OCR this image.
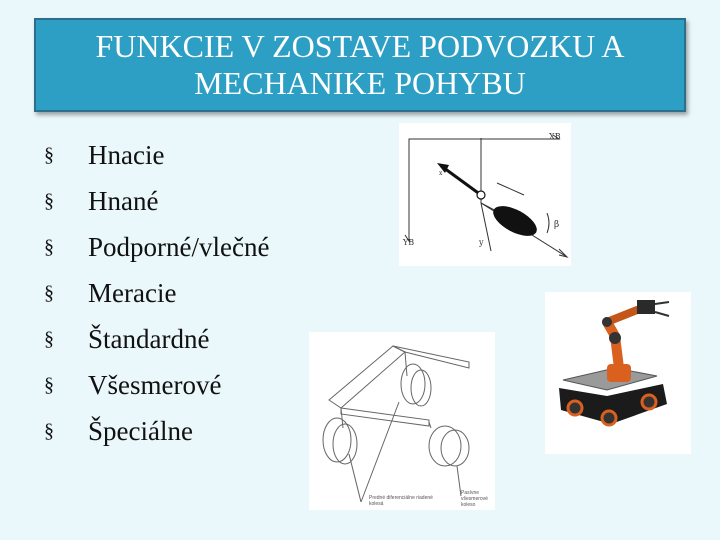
FUNKCIE V ZOSTAVE PODVOZKU A
MECHANIKE POHYBU
§	Hnacie
§	Hnané
§	Podporné/vlečné
§	Meracie
§	Štandardné
§	Všesmerové
§	Špeciálne
XB
β
YB	y
x
Predné diferenciálne riadené kolesá
Pasívne všesmerové koleso
